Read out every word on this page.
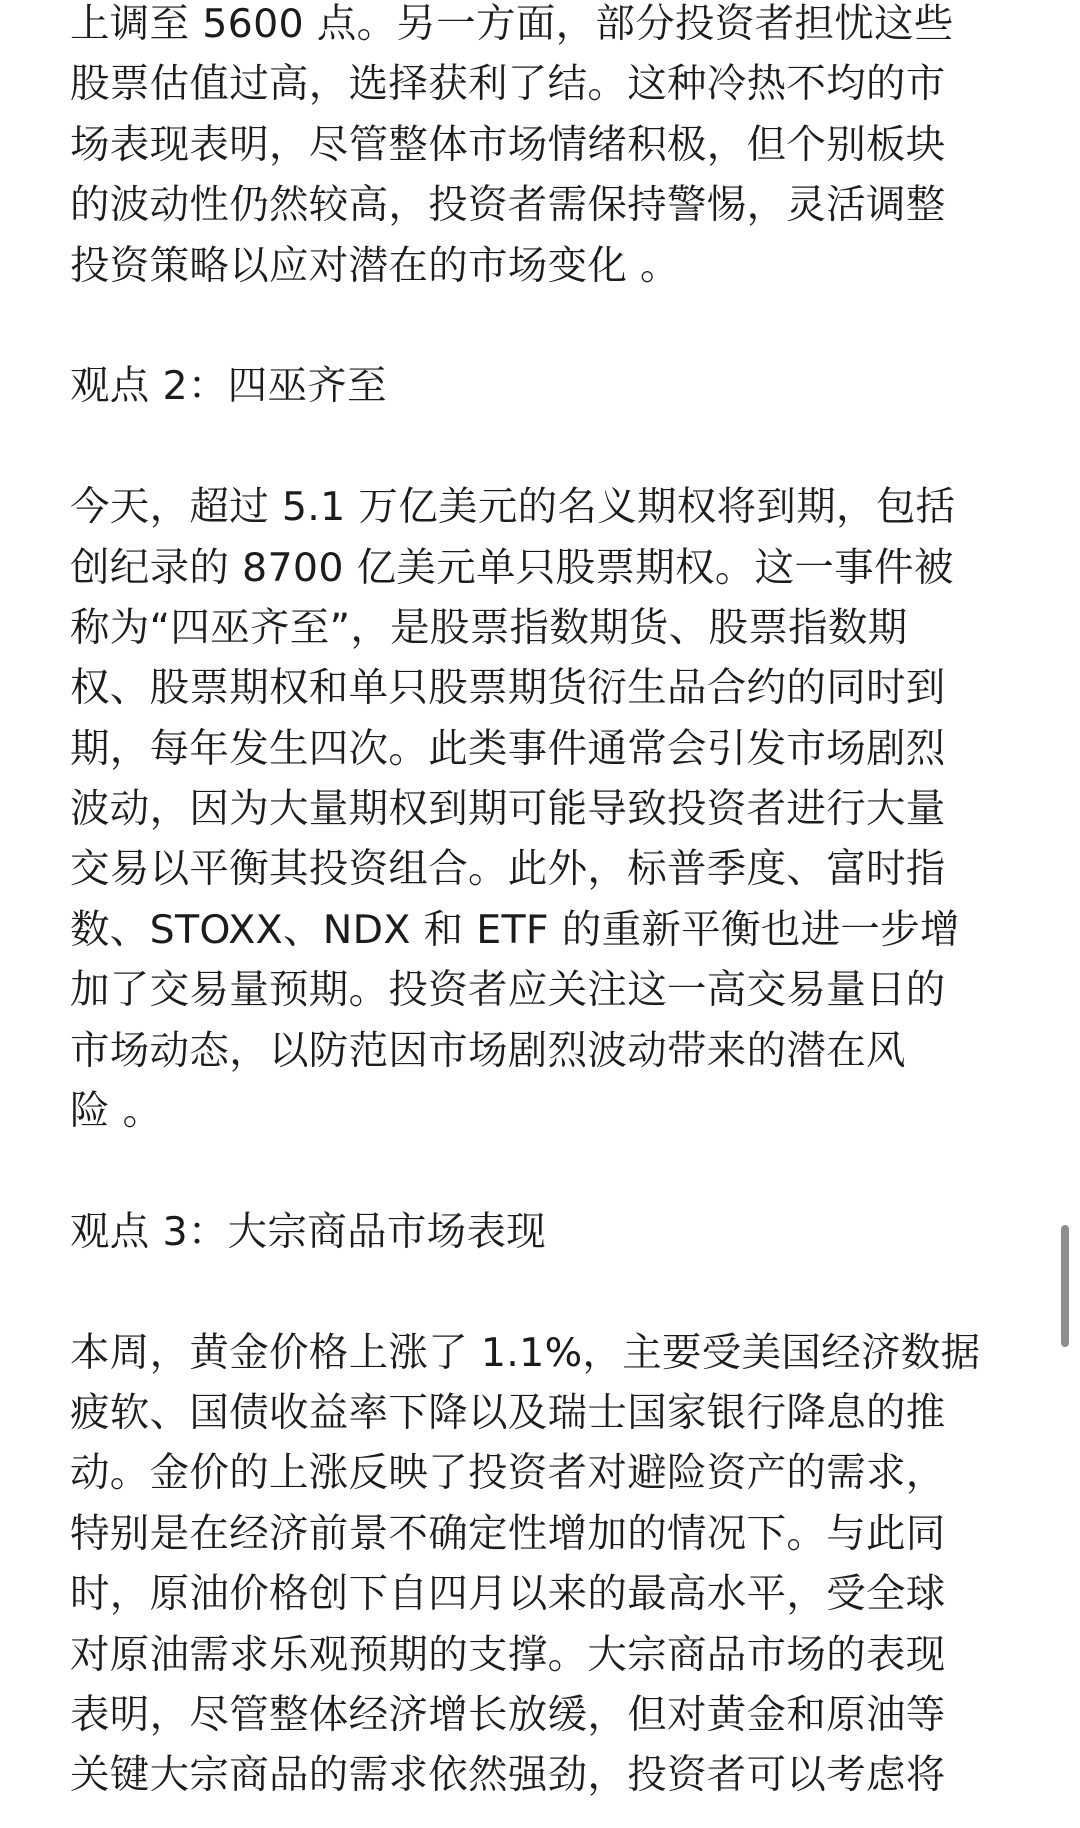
上调至 5600 点。另一方面，部分投资者担忧这些
股票估值过高，选择获利了结。这种冷热不均的市
场表现表明，尽管整体市场情绪积极，但个别板块
的波动性仍然较高，投资者需保持警惕，灵活调整
投资策略以应对潜在的市场变化 。
观点 2：四巫齐至
今天，超过 5.1 万亿美元的名义期权将到期，包括
创纪录的 8700 亿美元单只股票期权。这一事件被
称为“四巫齐至”，是股票指数期货、股票指数期
权、股票期权和单只股票期货衍生品合约的同时到
期，每年发生四次。此类事件通常会引发市场剧烈
波动，因为大量期权到期可能导致投资者进行大量
交易以平衡其投资组合。此外，标普季度、富时指
数、STOXX、NDX 和 ETF 的重新平衡也进一步增
加了交易量预期。投资者应关注这一高交易量日的
市场动态，以防范因市场剧烈波动带来的潜在风
险 。
观点 3：大宗商品市场表现
本周，黄金价格上涨了 1.1%，主要受美国经济数据
疲软、国债收益率下降以及瑞士国家银行降息的推
动。金价的上涨反映了投资者对避险资产的需求，
特别是在经济前景不确定性增加的情况下。与此同
时，原油价格创下自四月以来的最高水平，受全球
对原油需求乐观预期的支撑。大宗商品市场的表现
表明，尽管整体经济增长放缓，但对黄金和原油等
关键大宗商品的需求依然强劲，投资者可以考虑将
